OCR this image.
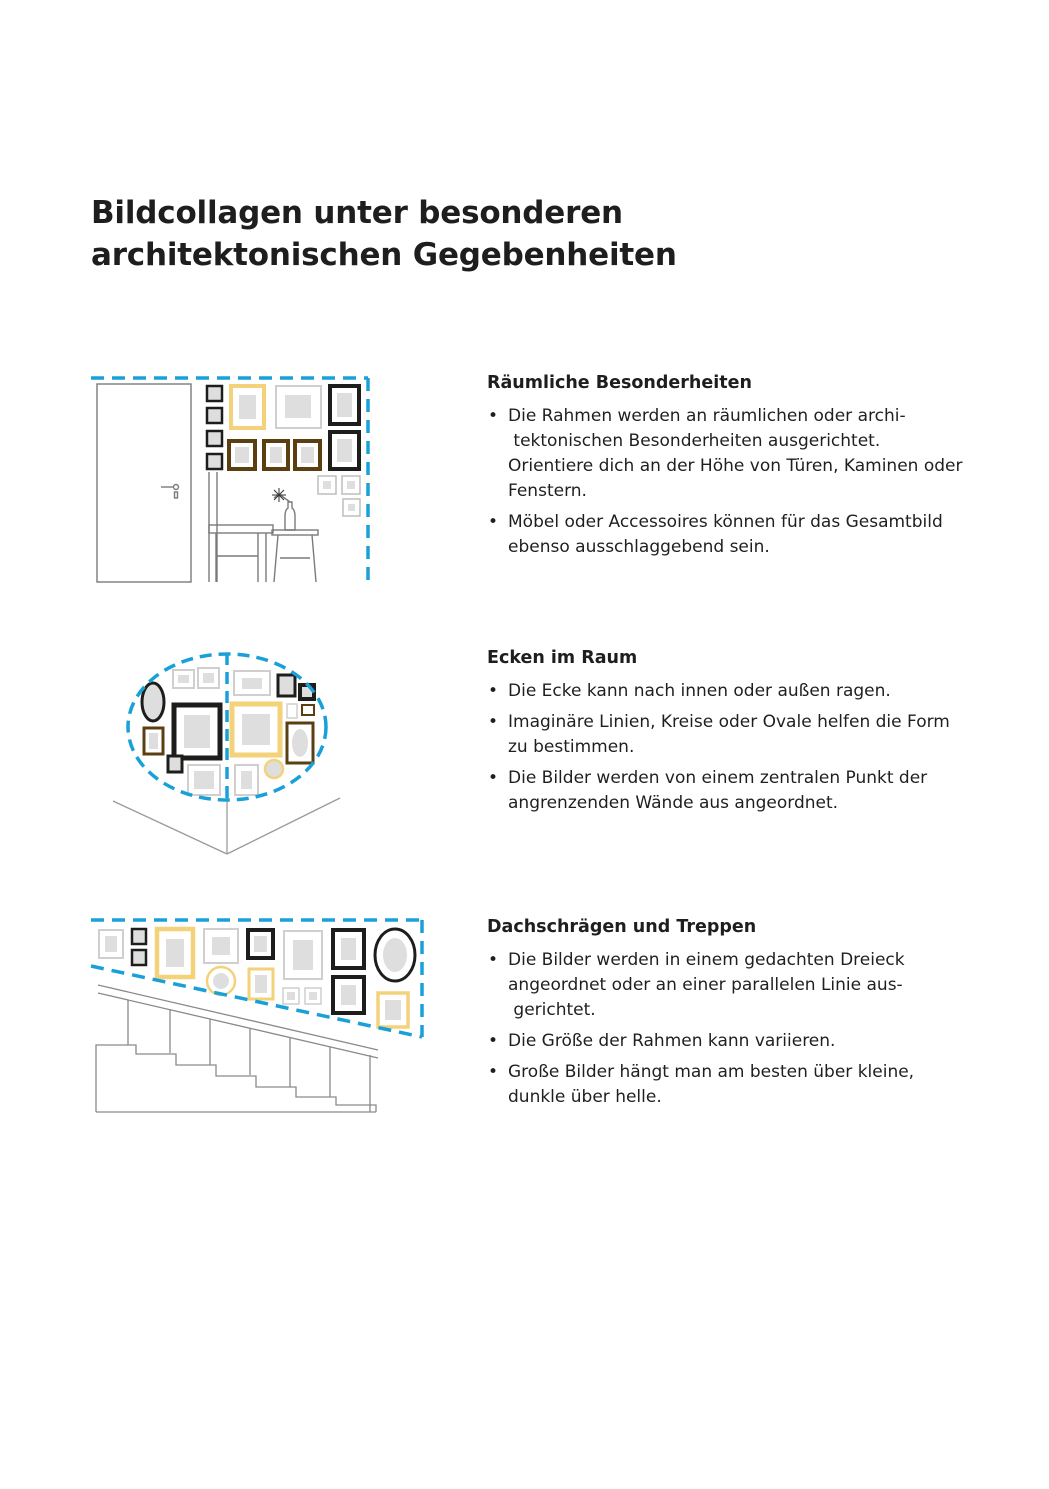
Bildcollagen unter besonderen
architektonischen Gegebenheiten
Räumliche Besonderheiten
• Die Rahmen werden an räumlichen oder archi- tektonischen Besonderheiten ausgerichtet. Orientiere dich an der Höhe von Türen, Kaminen oder Fenstern.
• Möbel oder Accessoires können für das Gesamtbild ebenso ausschlaggebend sein.
Ecken im Raum
• Die Ecke kann nach innen oder außen ragen.
• Imaginäre Linien, Kreise oder Ovale helfen die Form zu bestimmen.
• Die Bilder werden von einem zentralen Punkt der angrenzenden Wände aus angeordnet.
Dachschrägen und Treppen
• Die Bilder werden in einem gedachten Dreieck angeordnet oder an einer parallelen Linie aus- gerichtet.
• Die Größe der Rahmen kann variieren.
• Große Bilder hängt man am besten über kleine, dunkle über helle.
